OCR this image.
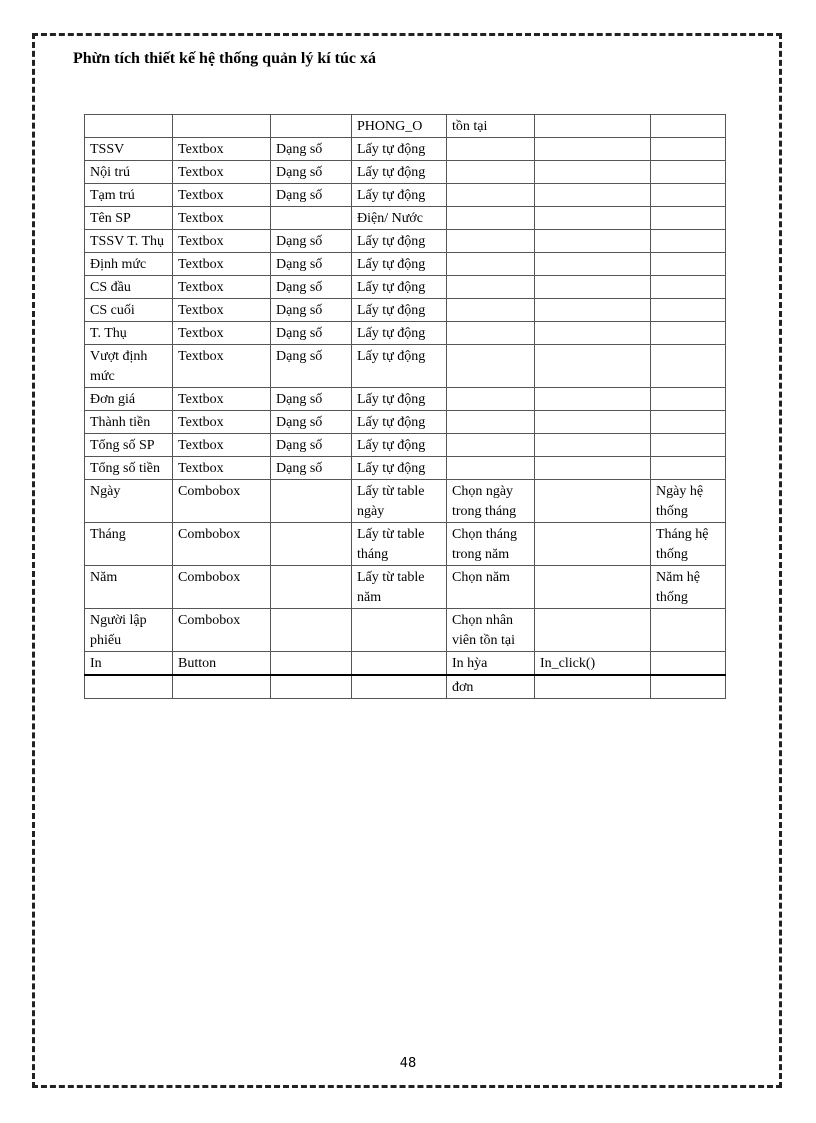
Phừn tích thiết kế hệ thống quản lý kí túc xá
			PHONG_O	tồn tại		
TSSV	Textbox	Dạng số	Lấy tự động			
Nội trú	Textbox	Dạng số	Lấy tự động			
Tạm trú	Textbox	Dạng số	Lấy tự động			
Tên SP	Textbox		Điện/ Nước			
TSSV T. Thụ	Textbox	Dạng số	Lấy tự động			
Định mức	Textbox	Dạng số	Lấy tự động			
CS đầu	Textbox	Dạng số	Lấy tự động			
CS cuối	Textbox	Dạng số	Lấy tự động			
T. Thụ	Textbox	Dạng số	Lấy tự động			
Vượt định mức	Textbox	Dạng số	Lấy tự động			
Đơn giá	Textbox	Dạng số	Lấy tự động			
Thành tiền	Textbox	Dạng số	Lấy tự động			
Tổng số SP	Textbox	Dạng số	Lấy tự động			
Tổng số tiền	Textbox	Dạng số	Lấy tự động			
Ngày	Combobox		Lấy từ table ngày	Chọn ngày trong tháng		Ngày hệ thống
Tháng	Combobox		Lấy từ table tháng	Chọn tháng trong năm		Tháng hệ thống
Năm	Combobox		Lấy từ table năm	Chọn năm		Năm hệ thống
Người lập phiếu	Combobox			Chọn nhân viên tồn tại		
In	Button			In hỳa	In_click()	
				đơn		
48
